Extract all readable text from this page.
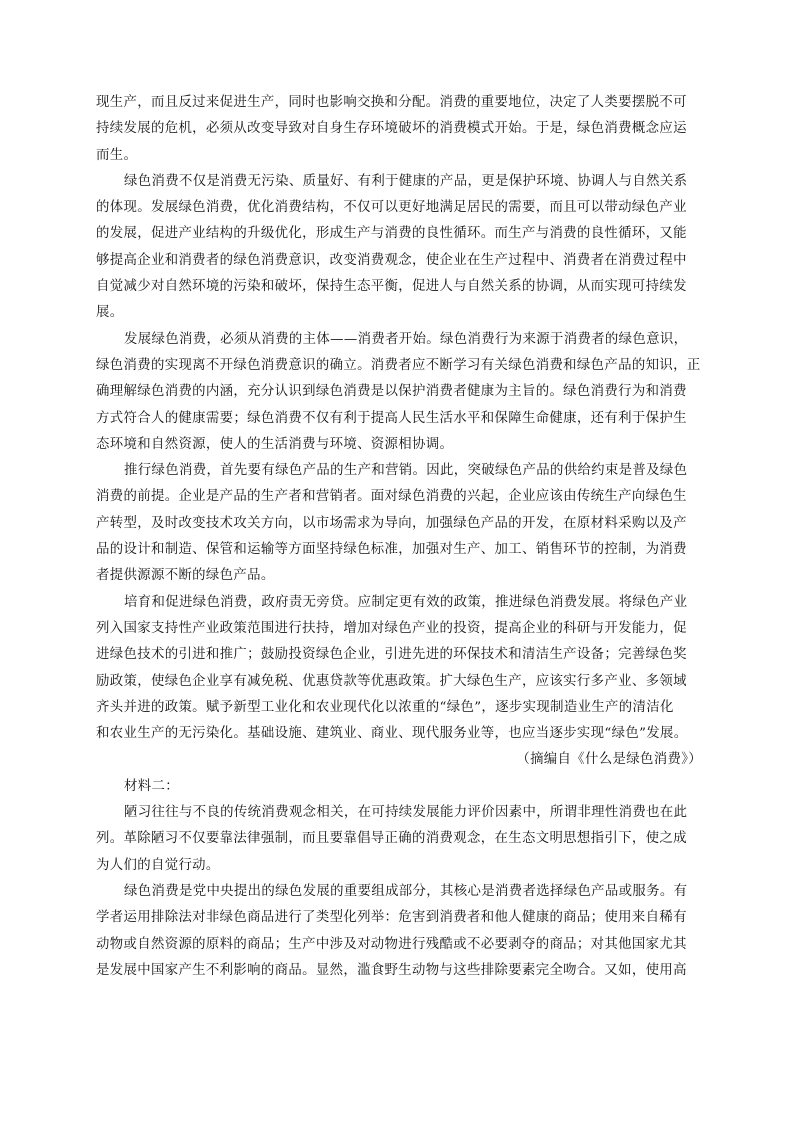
现生产，而且反过来促进生产，同时也影响交换和分配。消费的重要地位，决定了人类要摆脱不可
持续发展的危机，必须从改变导致对自身生存环境破坏的消费模式开始。于是，绿色消费概念应运
而生。
绿色消费不仅是消费无污染、质量好、有利于健康的产品，更是保护环境、协调人与自然关系
的体现。发展绿色消费，优化消费结构，不仅可以更好地满足居民的需要，而且可以带动绿色产业
的发展，促进产业结构的升级优化，形成生产与消费的良性循环。而生产与消费的良性循环，又能
够提高企业和消费者的绿色消费意识，改变消费观念，使企业在生产过程中、消费者在消费过程中
自觉减少对自然环境的污染和破坏，保持生态平衡，促进人与自然关系的协调，从而实现可持续发
展。
发展绿色消费，必须从消费的主体——消费者开始。绿色消费行为来源于消费者的绿色意识，
绿色消费的实现离不开绿色消费意识的确立。消费者应不断学习有关绿色消费和绿色产品的知识，正
确理解绿色消费的内涵，充分认识到绿色消费是以保护消费者健康为主旨的。绿色消费行为和消费
方式符合人的健康需要；绿色消费不仅有利于提高人民生活水平和保障生命健康，还有利于保护生
态环境和自然资源，使人的生活消费与环境、资源相协调。
推行绿色消费，首先要有绿色产品的生产和营销。因此，突破绿色产品的供给约束是普及绿色
消费的前提。企业是产品的生产者和营销者。面对绿色消费的兴起，企业应该由传统生产向绿色生
产转型，及时改变技术攻关方向，以市场需求为导向，加强绿色产品的开发，在原材料采购以及产
品的设计和制造、保管和运输等方面坚持绿色标准，加强对生产、加工、销售环节的控制，为消费
者提供源源不断的绿色产品。
培育和促进绿色消费，政府责无旁贷。应制定更有效的政策，推进绿色消费发展。将绿色产业
列入国家支持性产业政策范围进行扶持，增加对绿色产业的投资，提高企业的科研与开发能力，促
进绿色技术的引进和推广；鼓励投资绿色企业，引进先进的环保技术和清洁生产设备；完善绿色奖
励政策，使绿色企业享有减免税、优惠贷款等优惠政策。扩大绿色生产，应该实行多产业、多领域
齐头并进的政策。赋予新型工业化和农业现代化以浓重的“绿色”，逐步实现制造业生产的清洁化
和农业生产的无污染化。基础设施、建筑业、商业、现代服务业等，也应当逐步实现“绿色”发展。
（摘编自《什么是绿色消费》）
材料二：
陋习往往与不良的传统消费观念相关，在可持续发展能力评价因素中，所谓非理性消费也在此
列。革除陋习不仅要靠法律强制，而且要靠倡导正确的消费观念，在生态文明思想指引下，使之成
为人们的自觉行动。
绿色消费是党中央提出的绿色发展的重要组成部分，其核心是消费者选择绿色产品或服务。有
学者运用排除法对非绿色商品进行了类型化列举：危害到消费者和他人健康的商品；使用来自稀有
动物或自然资源的原料的商品；生产中涉及对动物进行残酷或不必要剥夺的商品；对其他国家尤其
是发展中国家产生不利影响的商品。显然，滥食野生动物与这些排除要素完全吻合。又如，使用高
